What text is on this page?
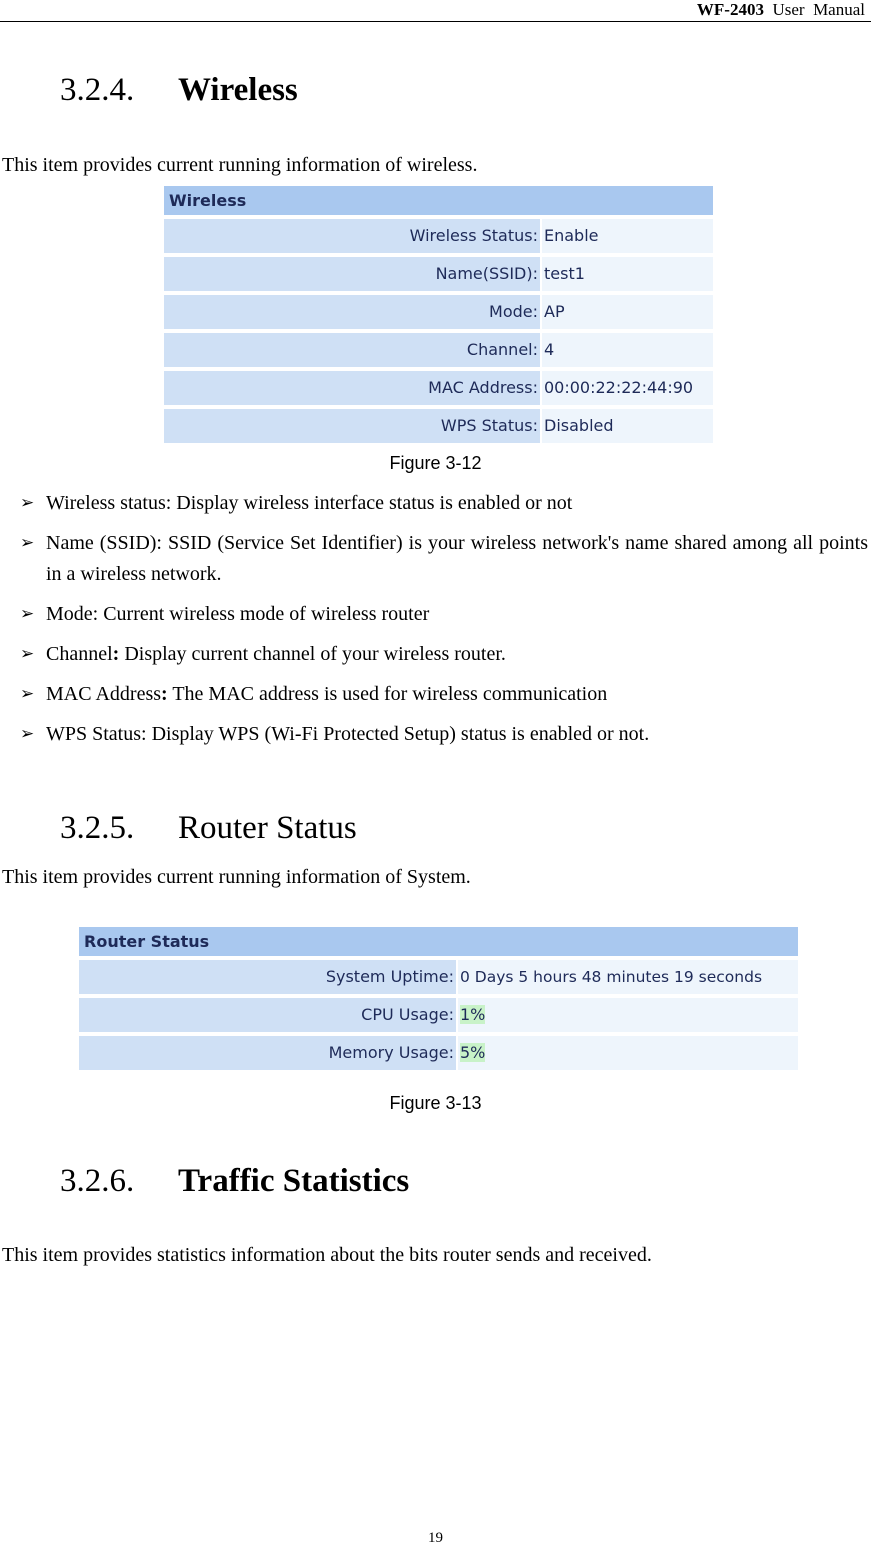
WF-2403 User  Manual
3.2.4. Wireless
This item provides current running information of wireless.
Wireless
Wireless Status: Enable
Name(SSID): test1
Mode: AP
Channel: 4
MAC Address: 00:00:22:22:44:90
WPS Status: Disabled
Figure 3-12
➢ Wireless status: Display wireless interface status is enabled or not
➢ Name (SSID): SSID (Service Set Identifier) is your wireless network's name shared among all points in a wireless network.
➢ Mode: Current wireless mode of wireless router
➢ Channel: Display current channel of your wireless router.
➢ MAC Address: The MAC address is used for wireless communication
➢ WPS Status: Display WPS (Wi-Fi Protected Setup) status is enabled or not.
3.2.5. Router Status
This item provides current running information of System.
Router Status
System Uptime: 0 Days 5 hours 48 minutes 19 seconds
CPU Usage: 1%
Memory Usage: 5%
Figure 3-13
3.2.6. Traffic Statistics
This item provides statistics information about the bits router sends and received.
19
